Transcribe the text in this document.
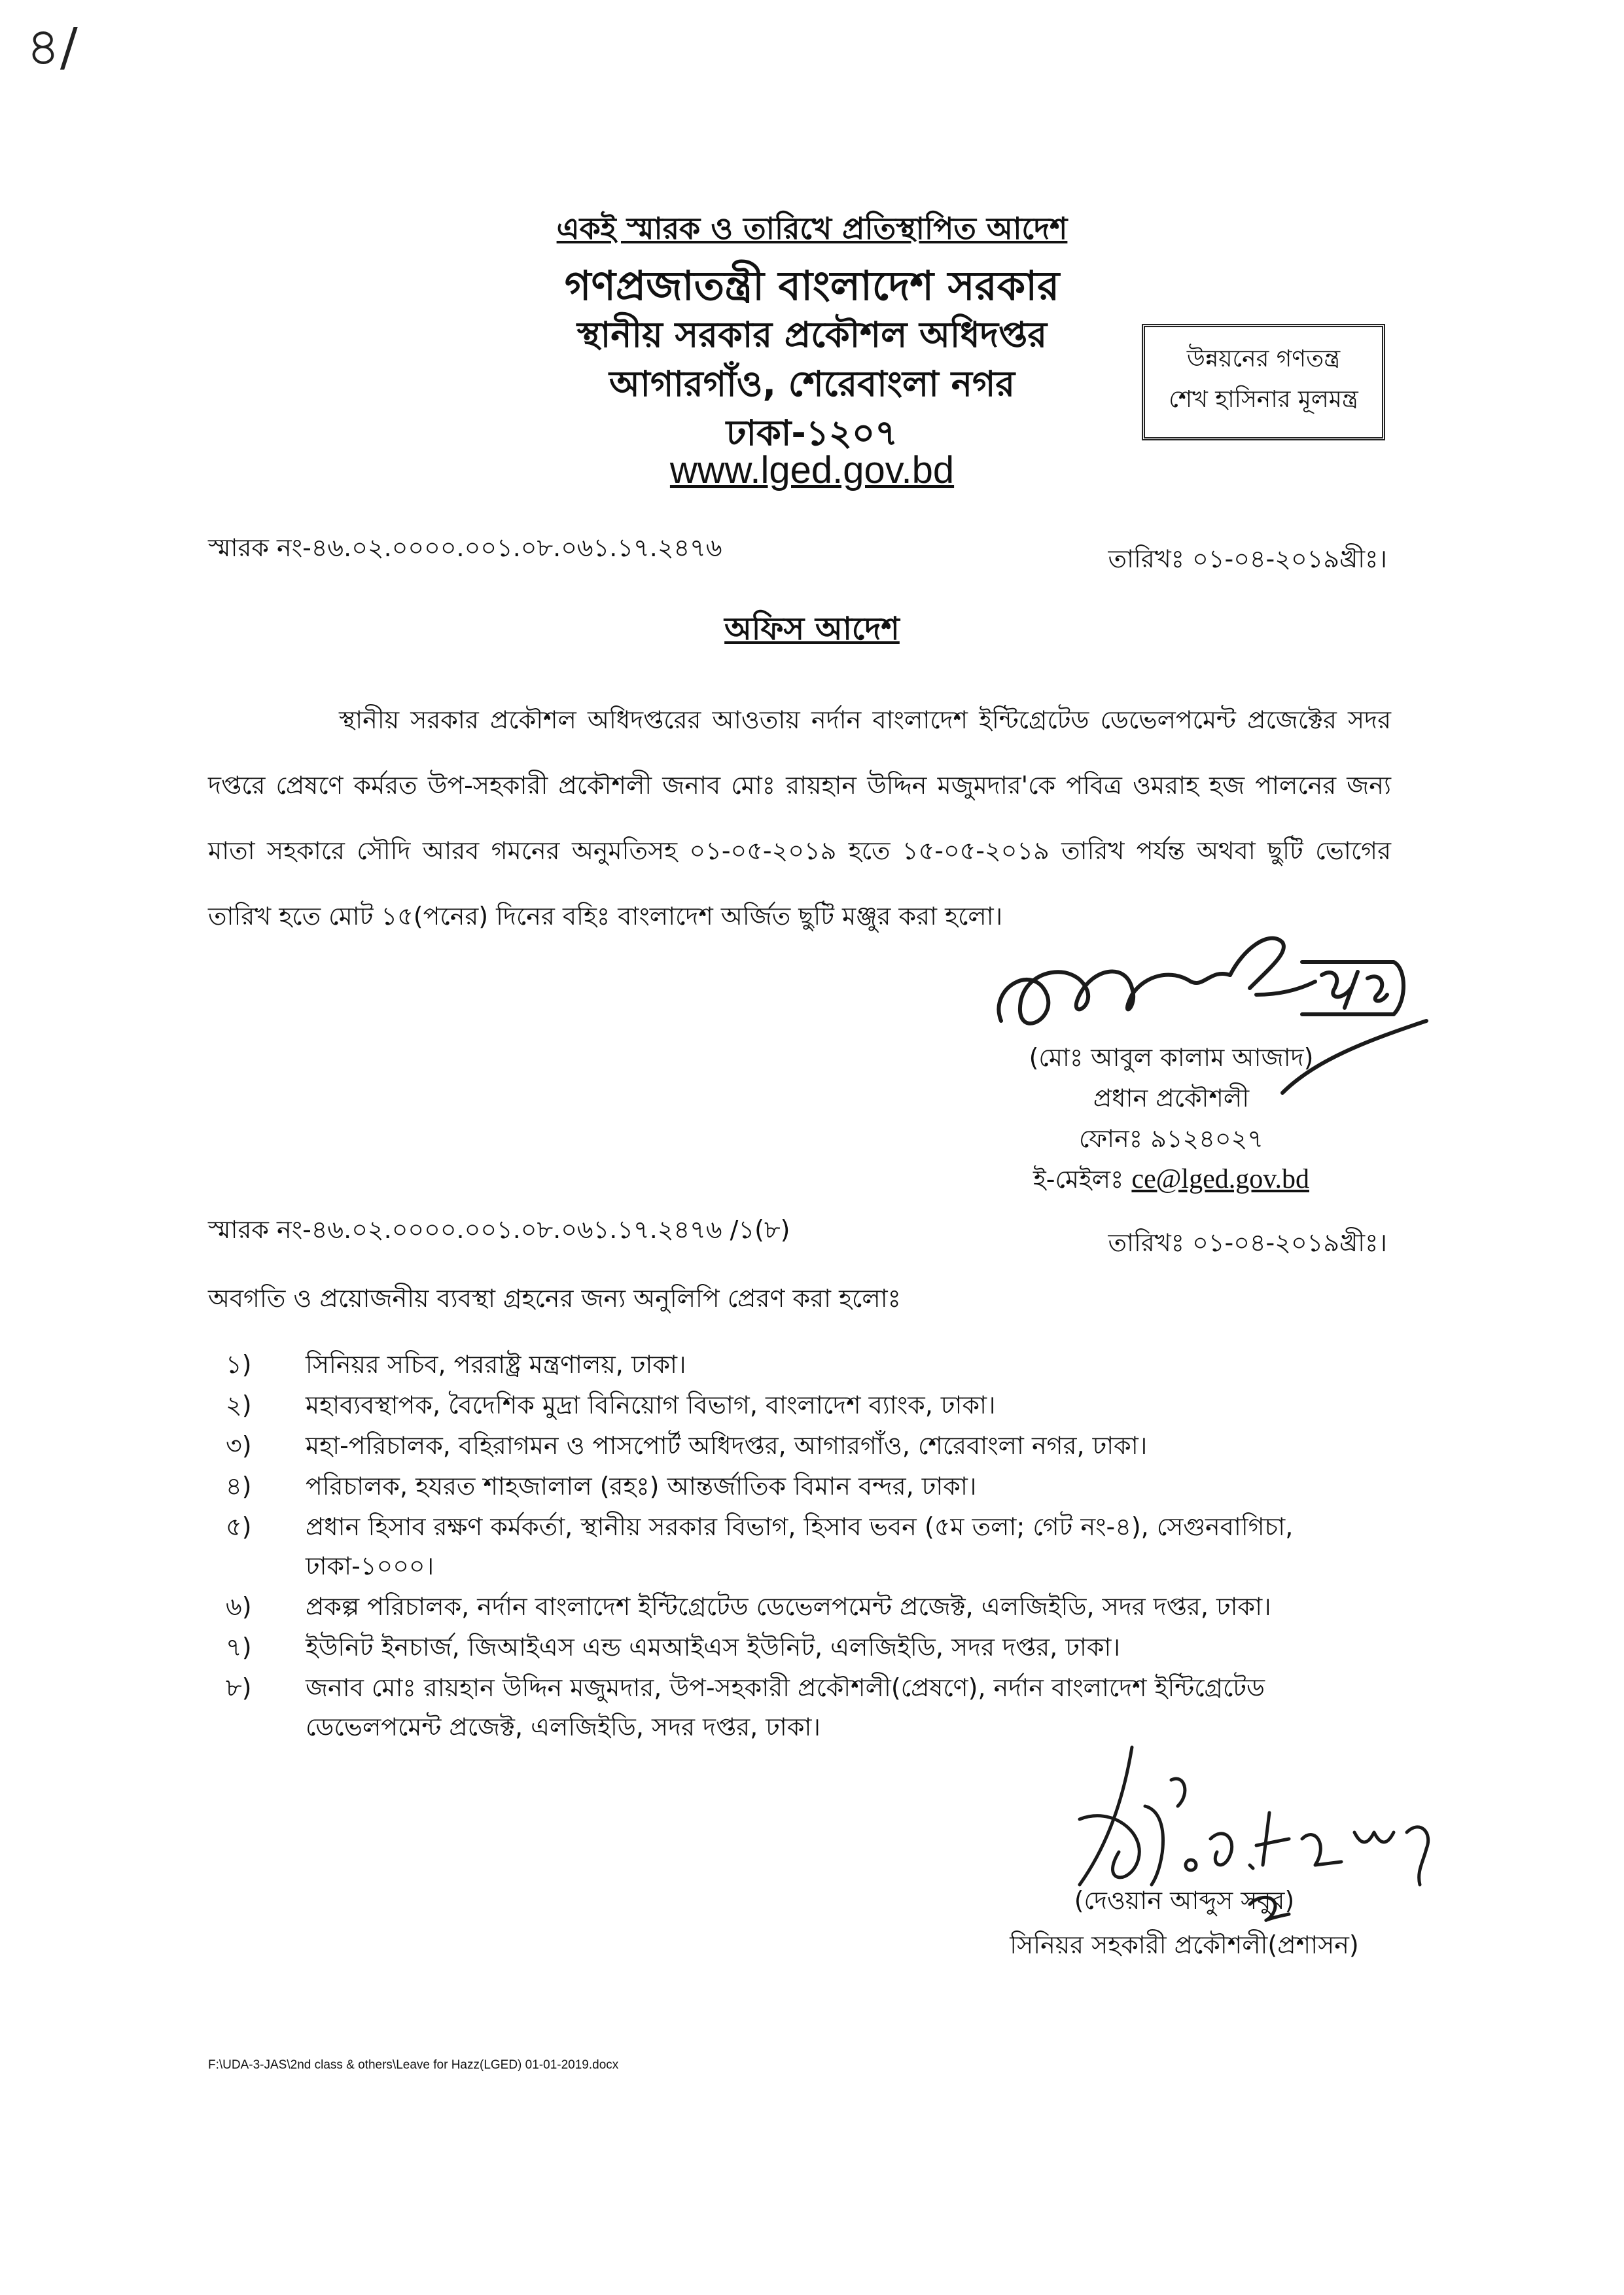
৪/
একই স্মারক ও তারিখে প্রতিস্থাপিত আদেশ
গণপ্রজাতন্ত্রী বাংলাদেশ সরকার
স্থানীয় সরকার প্রকৌশল অধিদপ্তর
আগারগাঁও, শেরেবাংলা নগর
ঢাকা-১২০৭
www.lged.gov.bd
উন্নয়নের গণতন্ত্র
শেখ হাসিনার মূলমন্ত্র
স্মারক নং-৪৬.০২.০০০০.০০১.০৮.০৬১.১৭.২৪৭৬	তারিখঃ ০১-০৪-২০১৯খ্রীঃ।
অফিস আদেশ
স্থানীয় সরকার প্রকৌশল অধিদপ্তরের আওতায় নর্দান বাংলাদেশ ইন্টিগ্রেটেড ডেভেলপমেন্ট প্রজেক্টের সদর দপ্তরে প্রেষণে কর্মরত উপ-সহকারী প্রকৌশলী জনাব মোঃ রায়হান উদ্দিন মজুমদার'কে পবিত্র ওমরাহ হজ পালনের জন্য মাতা সহকারে সৌদি আরব গমনের অনুমতিসহ ০১-০৫-২০১৯ হতে ১৫-০৫-২০১৯ তারিখ পর্যন্ত অথবা ছুটি ভোগের তারিখ হতে মোট ১৫(পনের) দিনের বহিঃ বাংলাদেশ অর্জিত ছুটি মঞ্জুর করা হলো।
(মোঃ আবুল কালাম আজাদ)
প্রধান প্রকৌশলী
ফোনঃ ৯১২৪০২৭
ই-মেইলঃ ce@lged.gov.bd
স্মারক নং-৪৬.০২.০০০০.০০১.০৮.০৬১.১৭.২৪৭৬ /১(৮)	তারিখঃ ০১-০৪-২০১৯খ্রীঃ।
অবগতি ও প্রয়োজনীয় ব্যবস্থা গ্রহনের জন্য অনুলিপি প্রেরণ করা হলোঃ
১)	সিনিয়র সচিব, পররাষ্ট্র মন্ত্রণালয়, ঢাকা।
২)	মহাব্যবস্থাপক, বৈদেশিক মুদ্রা বিনিয়োগ বিভাগ, বাংলাদেশ ব্যাংক, ঢাকা।
৩)	মহা-পরিচালক, বহিরাগমন ও পাসপোর্ট অধিদপ্তর, আগারগাঁও, শেরেবাংলা নগর, ঢাকা।
৪)	পরিচালক, হযরত শাহজালাল (রহঃ) আন্তর্জাতিক বিমান বন্দর, ঢাকা।
৫)	প্রধান হিসাব রক্ষণ কর্মকর্তা, স্থানীয় সরকার বিভাগ, হিসাব ভবন (৫ম তলা; গেট নং-৪), সেগুনবাগিচা, ঢাকা-১০০০।
৬)	প্রকল্প পরিচালক, নর্দান বাংলাদেশ ইন্টিগ্রেটেড ডেভেলপমেন্ট প্রজেক্ট, এলজিইডি, সদর দপ্তর, ঢাকা।
৭)	ইউনিট ইনচার্জ, জিআইএস এন্ড এমআইএস ইউনিট, এলজিইডি, সদর দপ্তর, ঢাকা।
৮)	জনাব মোঃ রায়হান উদ্দিন মজুমদার, উপ-সহকারী প্রকৌশলী(প্রেষণে), নর্দান বাংলাদেশ ইন্টিগ্রেটেড ডেভেলপমেন্ট প্রজেক্ট, এলজিইডি, সদর দপ্তর, ঢাকা।
(দেওয়ান আব্দুস সবুর)
সিনিয়র সহকারী প্রকৌশলী(প্রশাসন)
F:\UDA-3-JAS\2nd class & others\Leave for Hazz(LGED) 01-01-2019.docx
